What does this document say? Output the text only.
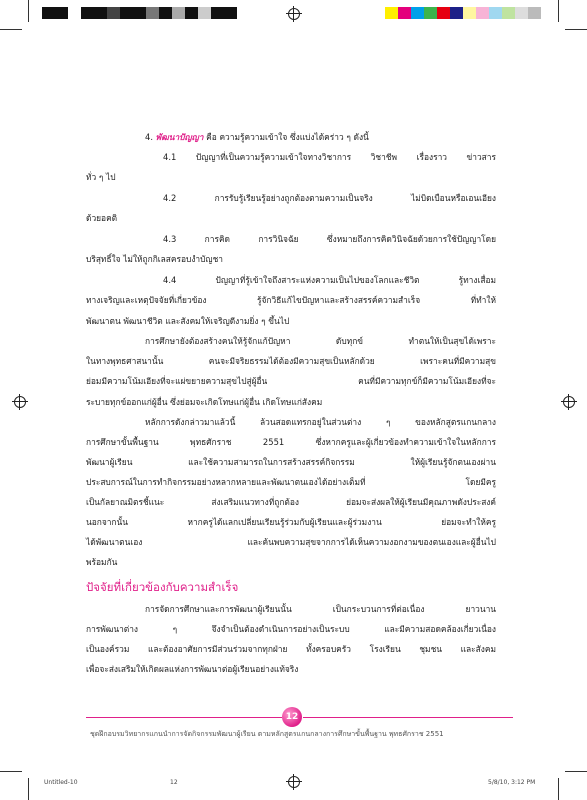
4. พัฒนาปัญญา คือ ความรู้ความเข้าใจ ซึ่งแบ่งได้คร่าว ๆ ดังนี้
4.1 ปัญญาที่เป็นความรู้ความเข้าใจทางวิชาการ วิชาชีพ เรื่องราว ข่าวสาร
ทั่ว ๆ ไป
4.2 การรับรู้เรียนรู้อย่างถูกต้องตามความเป็นจริง ไม่บิดเบือนหรือเอนเอียง
ด้วยอคติ
4.3 การคิด การวินิจฉัย ซึ่งหมายถึงการคิดวินิจฉัยด้วยการใช้ปัญญาโดย
บริสุทธิ์ใจ ไม่ให้ถูกกิเลสครอบงำบัญชา
4.4 ปัญญาที่รู้เข้าใจถึงสาระแห่งความเป็นไปของโลกและชีวิต รู้ทางเสื่อม
ทางเจริญและเหตุปัจจัยที่เกี่ยวข้อง รู้จักวิธีแก้ไขปัญหาและสร้างสรรค์ความสำเร็จ ที่ทำให้
พัฒนาตน พัฒนาชีวิต และสังคมให้เจริญดีงามยิ่ง ๆ ขึ้นไป
การศึกษายังต้องสร้างคนให้รู้จักแก้ปัญหา ดับทุกข์ ทำตนให้เป็นสุขได้เพราะ
ในทางพุทธศาสนานั้น คนจะมีจริยธรรมได้ต้องมีความสุขเป็นหลักด้วย เพราะคนที่มีความสุข
ย่อมมีความโน้มเอียงที่จะแผ่ขยายความสุขไปสู่ผู้อื่น คนที่มีความทุกข์ก็มีความโน้มเอียงที่จะ
ระบายทุกข์ออกแก่ผู้อื่น ซึ่งย่อมจะเกิดโทษแก่ผู้อื่น เกิดโทษแก่สังคม
ปัจจัยที่เกี่ยวข้องกับความสำเร็จ
การจัดการศึกษาและการพัฒนาผู้เรียนนั้น เป็นกระบวนการที่ต่อเนื่อง ยาวนาน
การพัฒนาต่าง ๆ จึงจำเป็นต้องดำเนินการอย่างเป็นระบบ และมีความสอดคล้องเกี่ยวเนื่อง
เป็นองค์รวม และต้องอาศัยการมีส่วนร่วมจากทุกฝ่าย ทั้งครอบครัว โรงเรียน ชุมชน และสังคม
เพื่อจะส่งเสริมให้เกิดผลแห่งการพัฒนาต่อผู้เรียนอย่างแท้จริง
12
ชุดฝึกอบรมวิทยากรแกนนำการจัดกิจกรรมพัฒนาผู้เรียน ตามหลักสูตรแกนกลางการศึกษาขั้นพื้นฐาน พุทธศักราช 2551
Untitled-10	12	5/8/10, 3:12 PM
หลักการดังกล่าวมาแล้วนี้ ล้วนสอดแทรกอยู่ในส่วนต่าง ๆ ของหลักสูตรแกนกลาง
การศึกษาขั้นพื้นฐาน พุทธศักราช 2551 ซึ่งหากครูและผู้เกี่ยวข้องทำความเข้าใจในหลักการ
พัฒนาผู้เรียน และใช้ความสามารถในการสร้างสรรค์กิจกรรม ให้ผู้เรียนรู้จักตนเองผ่าน
ประสบการณ์ในการทำกิจกรรมอย่างหลากหลายและพัฒนาตนเองได้อย่างเต็มที่ โดยมีครู
เป็นกัลยาณมิตรชี้แนะ ส่งเสริมแนวทางที่ถูกต้อง ย่อมจะส่งผลให้ผู้เรียนมีคุณภาพดังประสงค์
นอกจากนั้น หากครูได้แลกเปลี่ยนเรียนรู้ร่วมกับผู้เรียนและผู้ร่วมงาน ย่อมจะทำให้ครู
ได้พัฒนาตนเอง และค้นพบความสุขจากการได้เห็นความงอกงามของตนเองและผู้อื่นไป
พร้อมกัน
